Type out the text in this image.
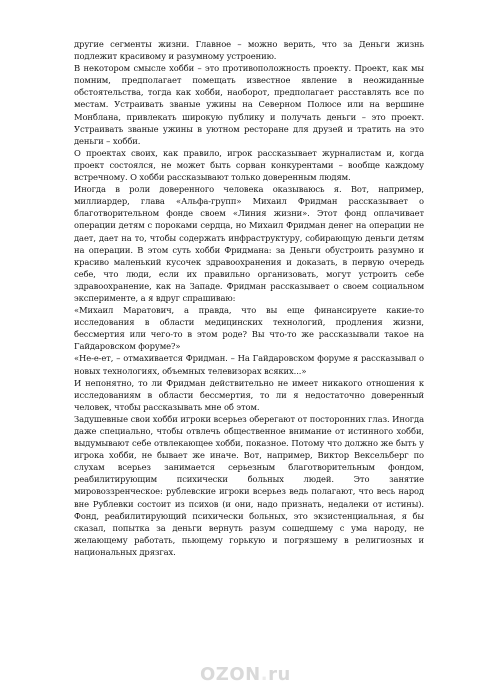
другие сегменты жизни. Главное – можно верить, что за Деньги жизнь подлежит красивому и разумному устроению.

В некотором смысле хобби – это противоположность проекту. Проект, как мы помним, предполагает помещать известное явление в неожиданные обстоятельства, тогда как хобби, наоборот, предполагает расставлять все по местам. Устраивать званые ужины на Северном Полюсе или на вершине Монблана, привлекать широкую публику и получать деньги – это проект. Устраивать званые ужины в уютном ресторане для друзей и тратить на это деньги – хобби.

О проектах своих, как правило, игрок рассказывает журналистам и, когда проект состоялся, не может быть сорван конкурентами – вообще каждому встречному. О хобби рассказывают только доверенным людям.

Иногда в роли доверенного человека оказываюсь я. Вот, например, миллиардер, глава «Альфа-групп» Михаил Фридман рассказывает о благотворительном фонде своем «Линия жизни». Этот фонд оплачивает операции детям с пороками сердца, но Михаил Фридман денег на операции не дает, дает на то, чтобы содержать инфраструктуру, собирающую деньги детям на операции. В этом суть хобби Фридмана: за Деньги обустроить разумно и красиво маленький кусочек здравоохранения и доказать, в первую очередь себе, что люди, если их правильно организовать, могут устроить себе здравоохранение, как на Западе. Фридман рассказывает о своем социальном эксперименте, а я вдруг спрашиваю:

«Михаил Маратович, а правда, что вы еще финансируете какие-то исследования в области медицинских технологий, продления жизни, бессмертия или чего-то в этом роде? Вы что-то же рассказывали такое на Гайдаровском форуме?»

«Не-е-ет, – отмахивается Фридман. – На Гайдаровском форуме я рассказывал о новых технологиях, объемных телевизорах всяких...»

И непонятно, то ли Фридман действительно не имеет никакого отношения к исследованиям в области бессмертия, то ли я недостаточно доверенный человек, чтобы рассказывать мне об этом.

Задушевные свои хобби игроки всерьез оберегают от посторонних глаз. Иногда даже специально, чтобы отвлечь общественное внимание от истинного хобби, выдумывают себе отвлекающее хобби, показное. Потому что должно же быть у игрока хобби, не бывает же иначе. Вот, например, Виктор Вексельберг по слухам всерьез занимается серьезным благотворительным фондом, реабилитирующим психически больных людей. Это занятие мировоззренческое: рублевские игроки всерьез ведь полагают, что весь народ вне Рублевки состоит из психов (и они, надо признать, недалеки от истины). Фонд, реабилитирующий психически больных, это экзистенциальная, я бы сказал, попытка за деньги вернуть разум сошедшему с ума народу, не желающему работать, пьющему горькую и погрязшему в религиозных и национальных дрязгах.

OZON.ru
